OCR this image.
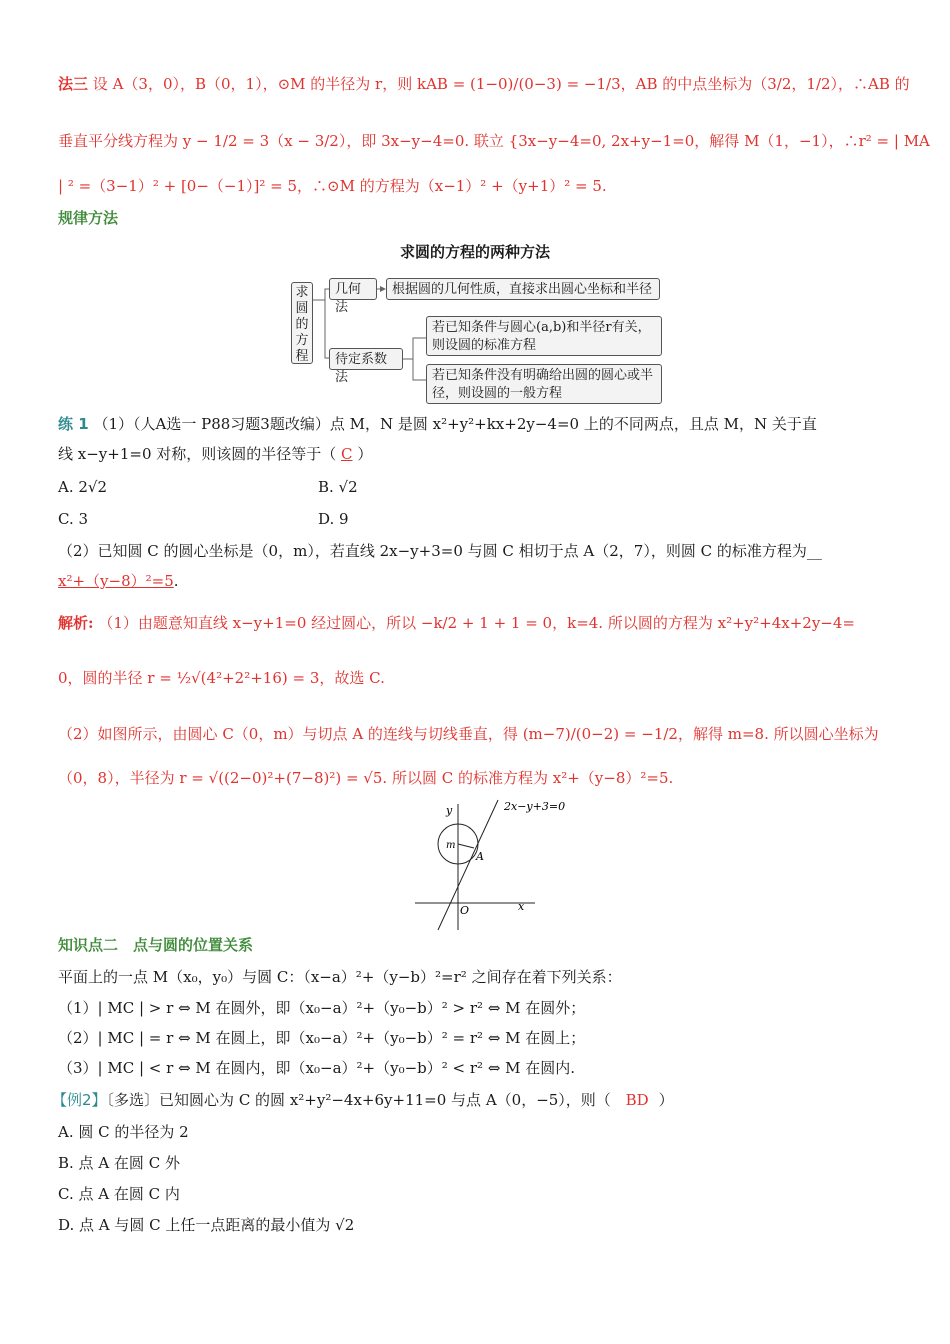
法三 设 A（3，0），B（0，1），⊙M 的半径为 r，则 kAB = (1−0)/(0−3) = −1/3，AB 的中点坐标为（3/2，1/2），∴AB 的
垂直平分线方程为 y − 1/2 = 3（x − 3/2），即 3x−y−4=0. 联立 {3x−y−4=0, 2x+y−1=0，解得 M（1，−1），∴r² = | MA
| ² =（3−1）² + [0−（−1）]² = 5，∴⊙M 的方程为（x−1）² +（y+1）² = 5.
规律方法
求圆的方程的两种方法
求圆的方程
几何法
根据圆的几何性质，直接求出圆心坐标和半径
待定系数法
若已知条件与圆心(a,b)和半径r有关，则设圆的标准方程
若已知条件没有明确给出圆的圆心或半径，则设圆的一般方程
练 1 （1）（人A选一 P88习题3题改编）点 M，N 是圆 x²+y²+kx+2y−4=0 上的不同两点，且点 M，N 关于直
线 x−y+1=0 对称，则该圆的半径等于（ C ）
A. 2√2	B. √2
C. 3	D. 9
（2）已知圆 C 的圆心坐标是（0，m），若直线 2x−y+3=0 与圆 C 相切于点 A（2，7），则圆 C 的标准方程为__
x²+（y−8）²=5.
解析: （1）由题意知直线 x−y+1=0 经过圆心，所以 −k/2 + 1 + 1 = 0，k=4. 所以圆的方程为 x²+y²+4x+2y−4=
0，圆的半径 r = ½√(4²+2²+16) = 3，故选 C.
（2）如图所示，由圆心 C（0，m）与切点 A 的连线与切线垂直，得 (m−7)/(0−2) = −1/2，解得 m=8. 所以圆心坐标为
（0，8），半径为 r = √((2−0)²+(7−8)²) = √5. 所以圆 C 的标准方程为 x²+（y−8）²=5.
2x−y+3=0
y
x
O
m
A
知识点二　点与圆的位置关系
平面上的一点 M（x₀，y₀）与圆 C：（x−a）²+（y−b）²=r² 之间存在着下列关系：
（1）| MC | > r ⇔ M 在圆外，即（x₀−a）²+（y₀−b）² > r² ⇔ M 在圆外；
（2）| MC | = r ⇔ M 在圆上，即（x₀−a）²+（y₀−b）² = r² ⇔ M 在圆上；
（3）| MC | < r ⇔ M 在圆内，即（x₀−a）²+（y₀−b）² < r² ⇔ M 在圆内.
【例2】〔多选〕已知圆心为 C 的圆 x²+y²−4x+6y+11=0 与点 A（0，−5），则（ BD ）
A. 圆 C 的半径为 2
B. 点 A 在圆 C 外
C. 点 A 在圆 C 内
D. 点 A 与圆 C 上任一点距离的最小值为 √2
